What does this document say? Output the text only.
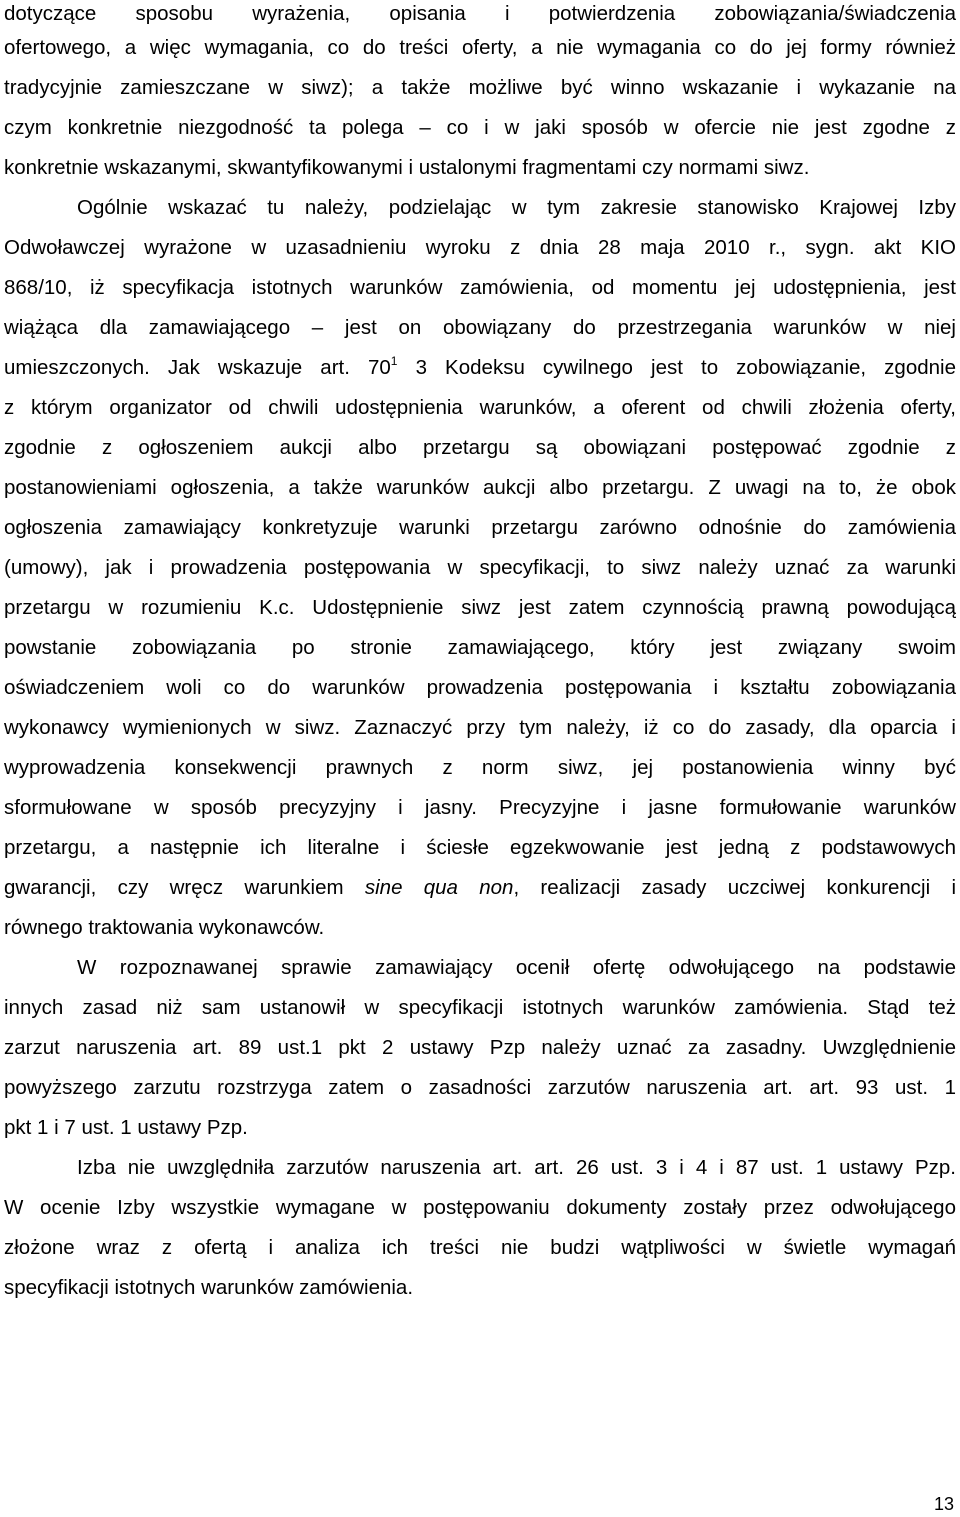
dotyczące sposobu wyrażenia, opisania i potwierdzenia zobowiązania/świadczenia
ofertowego, a więc wymagania, co do treści oferty, a nie wymagania co do jej formy również
tradycyjnie zamieszczane w siwz); a także możliwe być winno wskazanie i wykazanie na
czym konkretnie niezgodność ta polega – co i w jaki sposób w ofercie nie jest zgodne z
konkretnie wskazanymi, skwantyfikowanymi i ustalonymi fragmentami czy normami siwz.
Ogólnie wskazać tu należy, podzielając w tym zakresie stanowisko Krajowej Izby
Odwoławczej wyrażone w uzasadnieniu wyroku z dnia 28 maja 2010 r., sygn. akt KIO
868/10, iż specyfikacja istotnych warunków zamówienia, od momentu jej udostępnienia, jest
wiążąca dla zamawiającego – jest on obowiązany do przestrzegania warunków w niej
umieszczonych. Jak wskazuje art. $70^1$ 3 Kodeksu cywilnego jest to zobowiązanie, zgodnie
z którym organizator od chwili udostępnienia warunków, a oferent od chwili złożenia oferty,
zgodnie z ogłoszeniem aukcji albo przetargu są obowiązani postępować zgodnie z
postanowieniami ogłoszenia, a także warunków aukcji albo przetargu. Z uwagi na to, że obok
ogłoszenia zamawiający konkretyzuje warunki przetargu zarówno odnośnie do zamówienia
(umowy), jak i prowadzenia postępowania w specyfikacji, to siwz należy uznać za warunki
przetargu w rozumieniu K.c. Udostępnienie siwz jest zatem czynnością prawną powodującą
powstanie zobowiązania po stronie zamawiającego, który jest związany swoim
oświadczeniem woli co do warunków prowadzenia postępowania i kształtu zobowiązania
wykonawcy wymienionych w siwz. Zaznaczyć przy tym należy, iż co do zasady, dla oparcia i
wyprowadzenia konsekwencji prawnych z norm siwz, jej postanowienia winny być
sformułowane w sposób precyzyjny i jasny. Precyzyjne i jasne formułowanie warunków
przetargu, a następnie ich literalne i ściesłe egzekwowanie jest jedną z podstawowych
gwarancji, czy wręcz warunkiem sine qua non, realizacji zasady uczciwej konkurencji i
równego traktowania wykonawców.
W rozpoznawanej sprawie zamawiający ocenił ofertę odwołującego na podstawie
innych zasad niż sam ustanowił w specyfikacji istotnych warunków zamówienia. Stąd też
zarzut naruszenia art. 89 ust.1 pkt 2 ustawy Pzp należy uznać za zasadny. Uwzględnienie
powyższego zarzutu rozstrzyga zatem o zasadności zarzutów naruszenia art. art. 93 ust. 1
pkt 1 i 7 ust. 1 ustawy Pzp.
Izba nie uwzględniła zarzutów naruszenia art. art. 26 ust. 3 i 4 i 87 ust. 1 ustawy Pzp.
W ocenie Izby wszystkie wymagane w postępowaniu dokumenty zostały przez odwołującego
złożone wraz z ofertą i analiza ich treści nie budzi wątpliwości w świetle wymagań
specyfikacji istotnych warunków zamówienia.
13
